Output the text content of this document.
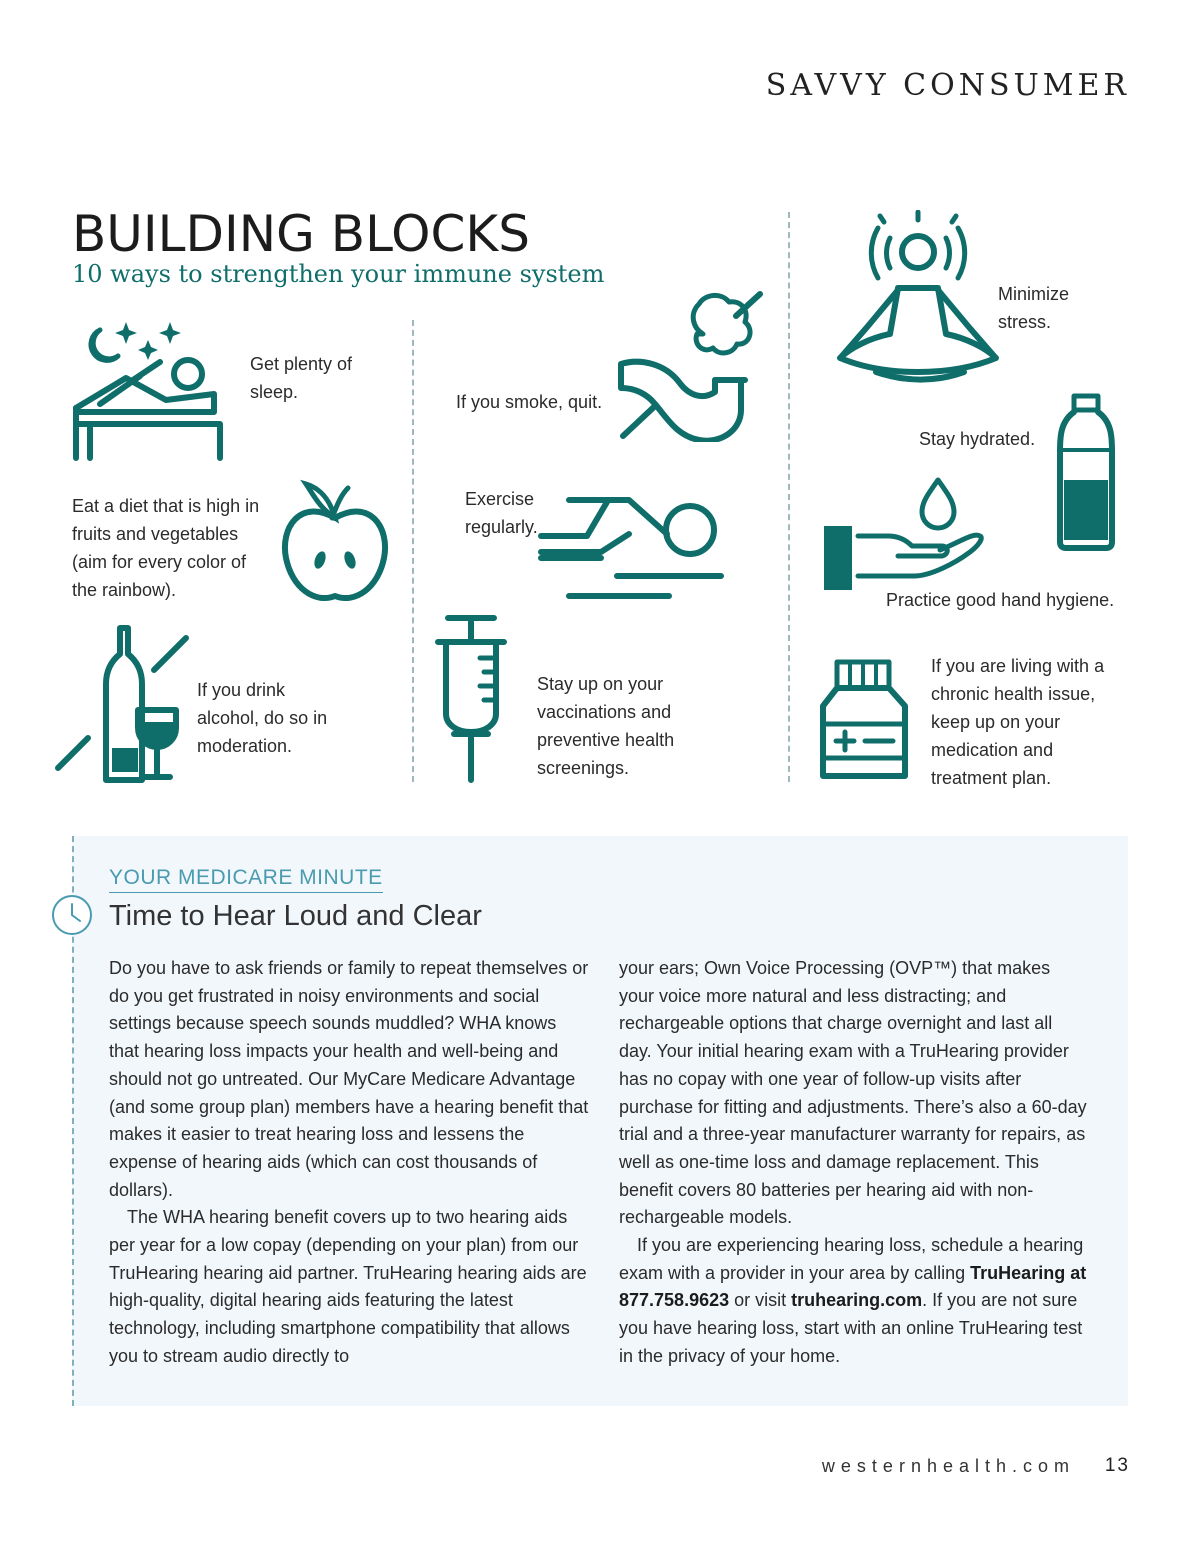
SAVVY CONSUMER
BUILDING BLOCKS
10 ways to strengthen your immune system
Get plenty of sleep.
Eat a diet that is high in fruits and vegetables (aim for every color of the rainbow).
If you drink alcohol, do so in moderation.
If you smoke, quit.
Exercise regularly.
Stay up on your vaccinations and preventive health screenings.
Minimize stress.
Stay hydrated.
Practice good hand hygiene.
If you are living with a chronic health issue, keep up on your medication and treatment plan.
YOUR MEDICARE MINUTE
Time to Hear Loud and Clear

Do you have to ask friends or family to repeat themselves or do you get frustrated in noisy environments and social settings because speech sounds muddled? WHA knows that hearing loss impacts your health and well-being and should not go untreated. Our MyCare Medicare Advantage (and some group plan) members have a hearing benefit that makes it easier to treat hearing loss and lessens the expense of hearing aids (which can cost thousands of dollars).

The WHA hearing benefit covers up to two hearing aids per year for a low copay (depending on your plan) from our TruHearing hearing aid partner. TruHearing hearing aids are high-quality, digital hearing aids featuring the latest technology, including smartphone compatibility that allows you to stream audio directly to

your ears; Own Voice Processing (OVP™) that makes your voice more natural and less distracting; and rechargeable options that charge overnight and last all day. Your initial hearing exam with a TruHearing provider has no copay with one year of follow-up visits after purchase for fitting and adjustments. There’s also a 60-day trial and a three-year manufacturer warranty for repairs, as well as one-time loss and damage replacement. This benefit covers 80 batteries per hearing aid with non-rechargeable models.

If you are experiencing hearing loss, schedule a hearing exam with a provider in your area by calling TruHearing at 877.758.9623 or visit truhearing.com. If you are not sure you have hearing loss, start with an online TruHearing test in the privacy of your home.

westernhealth.com 13
